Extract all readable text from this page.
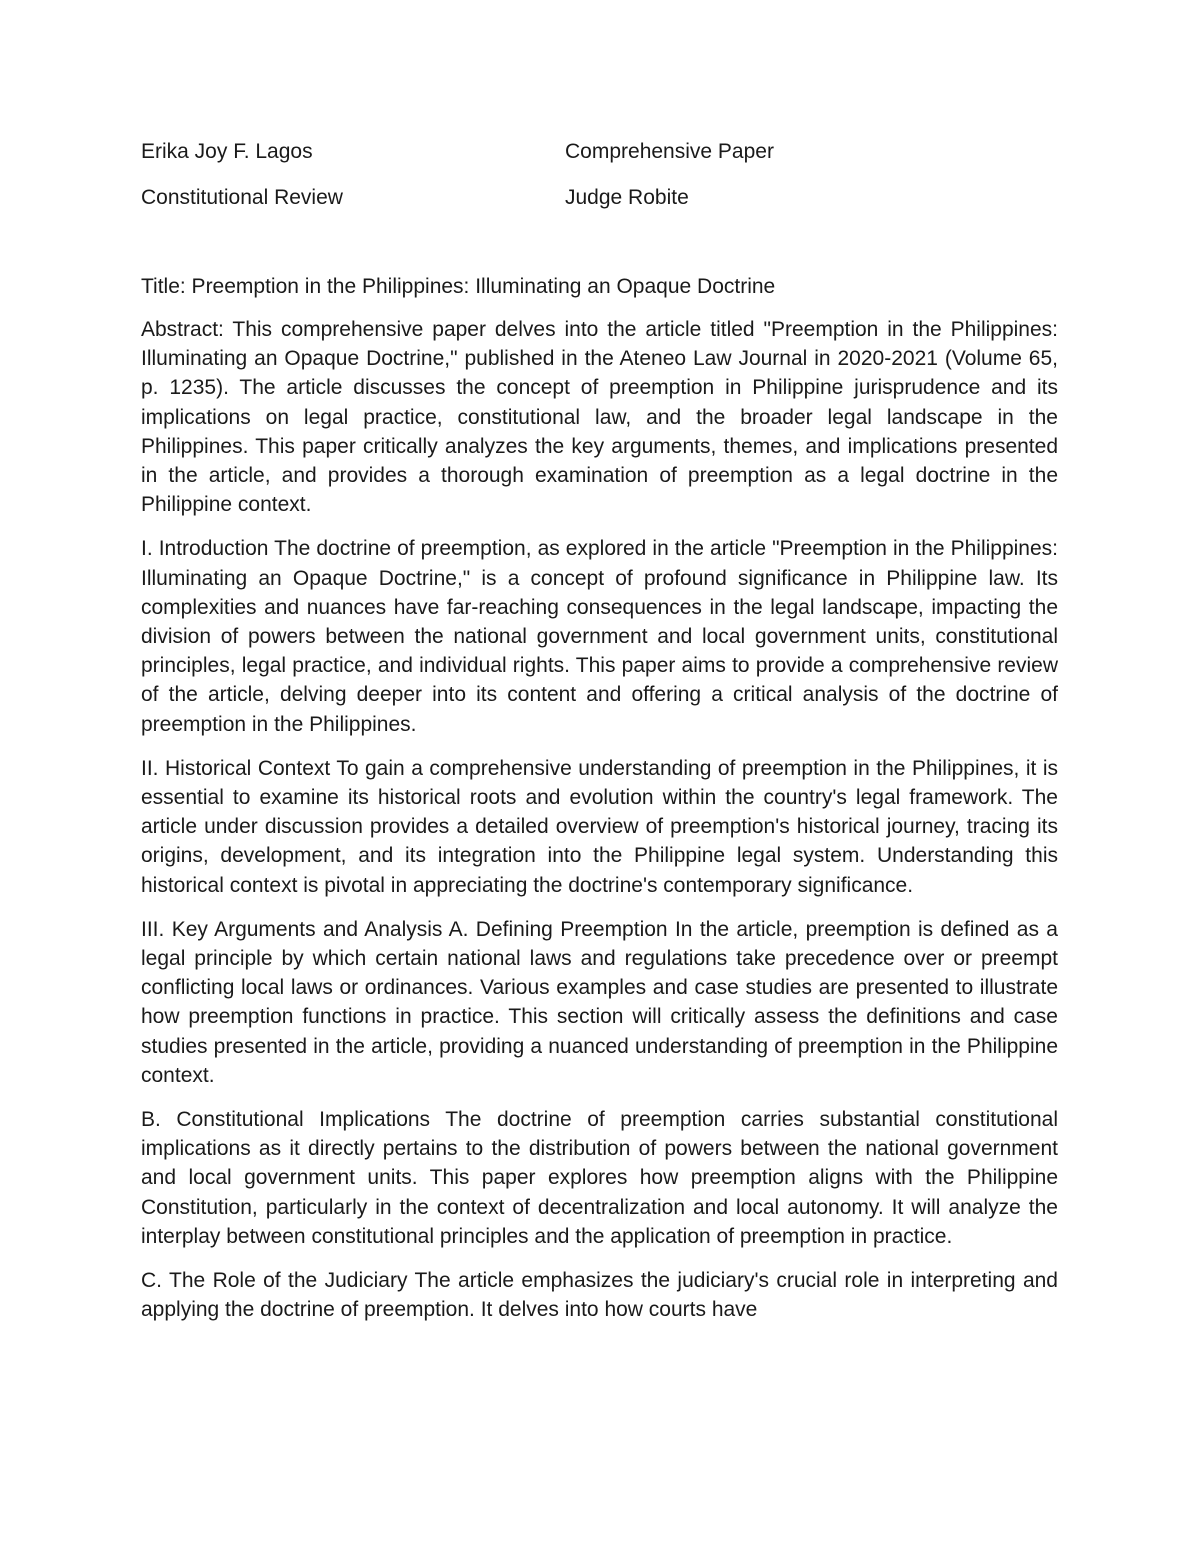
Erika Joy F. Lagos	Comprehensive Paper
Constitutional Review	Judge Robite
Title: Preemption in the Philippines: Illuminating an Opaque Doctrine

Abstract: This comprehensive paper delves into the article titled "Preemption in the Philippines: Illuminating an Opaque Doctrine," published in the Ateneo Law Journal in 2020-2021 (Volume 65, p. 1235). The article discusses the concept of preemption in Philippine jurisprudence and its implications on legal practice, constitutional law, and the broader legal landscape in the Philippines. This paper critically analyzes the key arguments, themes, and implications presented in the article, and provides a thorough examination of preemption as a legal doctrine in the Philippine context.

I. Introduction The doctrine of preemption, as explored in the article "Preemption in the Philippines: Illuminating an Opaque Doctrine," is a concept of profound significance in Philippine law. Its complexities and nuances have far-reaching consequences in the legal landscape, impacting the division of powers between the national government and local government units, constitutional principles, legal practice, and individual rights. This paper aims to provide a comprehensive review of the article, delving deeper into its content and offering a critical analysis of the doctrine of preemption in the Philippines.

II. Historical Context To gain a comprehensive understanding of preemption in the Philippines, it is essential to examine its historical roots and evolution within the country's legal framework. The article under discussion provides a detailed overview of preemption's historical journey, tracing its origins, development, and its integration into the Philippine legal system. Understanding this historical context is pivotal in appreciating the doctrine's contemporary significance.

III. Key Arguments and Analysis A. Defining Preemption In the article, preemption is defined as a legal principle by which certain national laws and regulations take precedence over or preempt conflicting local laws or ordinances. Various examples and case studies are presented to illustrate how preemption functions in practice. This section will critically assess the definitions and case studies presented in the article, providing a nuanced understanding of preemption in the Philippine context.

B. Constitutional Implications The doctrine of preemption carries substantial constitutional implications as it directly pertains to the distribution of powers between the national government and local government units. This paper explores how preemption aligns with the Philippine Constitution, particularly in the context of decentralization and local autonomy. It will analyze the interplay between constitutional principles and the application of preemption in practice.

C. The Role of the Judiciary The article emphasizes the judiciary's crucial role in interpreting and applying the doctrine of preemption. It delves into how courts have
